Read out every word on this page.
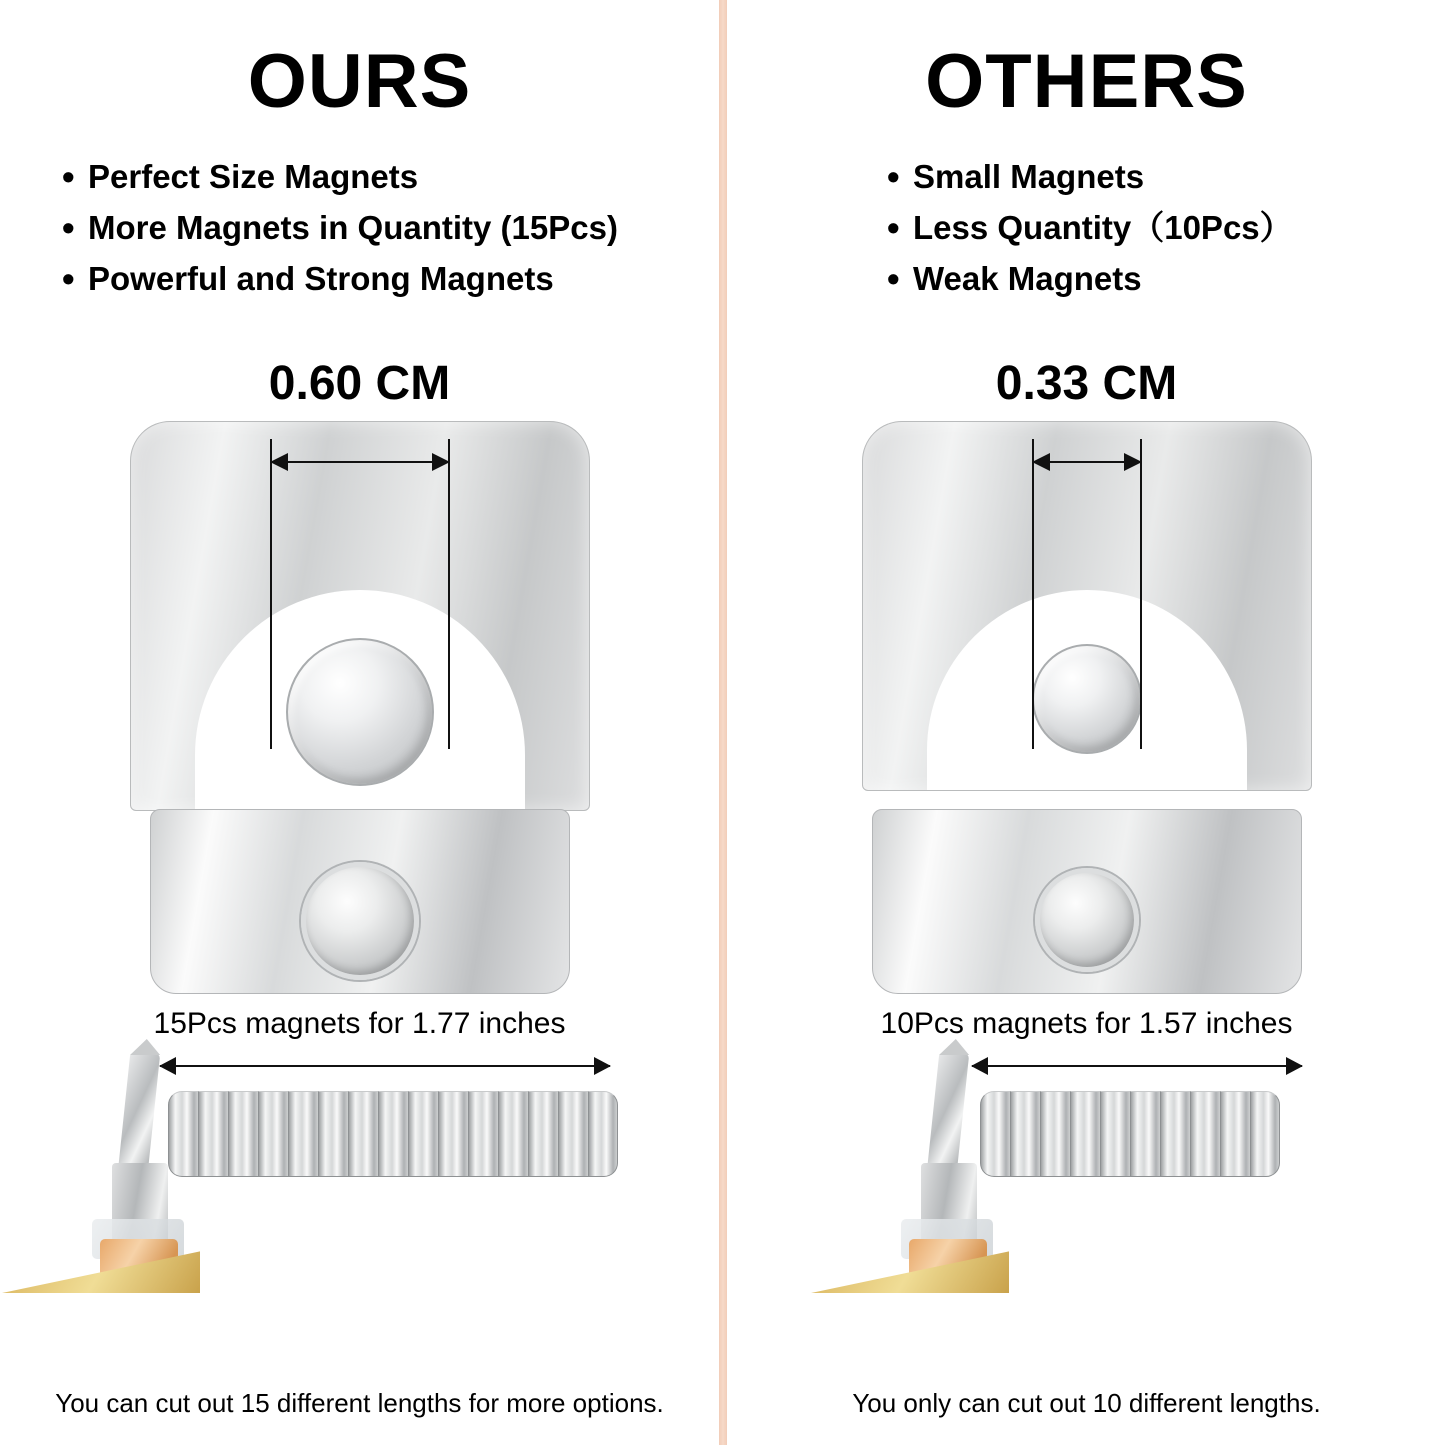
OURS
• Perfect Size Magnets
• More Magnets in Quantity (15Pcs)
• Powerful and Strong Magnets
0.60 CM
15Pcs magnets for 1.77 inches
You can cut out 15 different lengths for more options.
OTHERS
• Small Magnets
• Less Quantity（10Pcs）
• Weak Magnets
0.33 CM
10Pcs magnets for 1.57 inches
You only can cut out 10 different lengths.
